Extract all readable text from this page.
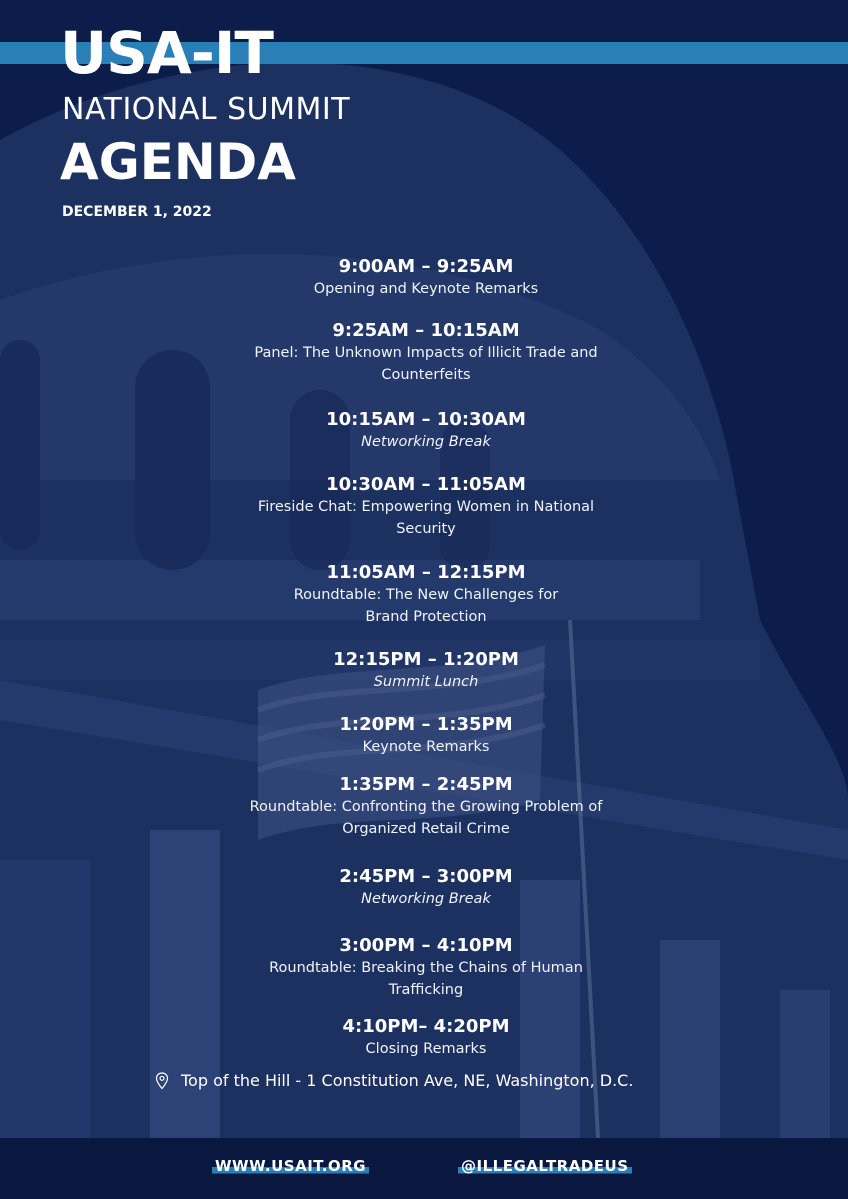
USA-IT
NATIONAL SUMMIT
AGENDA
DECEMBER 1, 2022
9:00AM – 9:25AM
Opening and Keynote Remarks
9:25AM – 10:15AM
Panel: The Unknown Impacts of Illicit Trade and
Counterfeits
10:15AM – 10:30AM
Networking Break
10:30AM – 11:05AM
Fireside Chat: Empowering Women in National
Security
11:05AM – 12:15PM
Roundtable: The New Challenges for
Brand Protection
12:15PM – 1:20PM
Summit Lunch
1:20PM – 1:35PM
Keynote Remarks
1:35PM – 2:45PM
Roundtable: Confronting the Growing Problem of
Organized Retail Crime
2:45PM – 3:00PM
Networking Break
3:00PM – 4:10PM
Roundtable: Breaking the Chains of Human
Trafficking
4:10PM– 4:20PM
Closing Remarks
Top of the Hill - 1 Constitution Ave, NE, Washington, D.C.
WWW.USAIT.ORG	@ILLEGALTRADEUS
